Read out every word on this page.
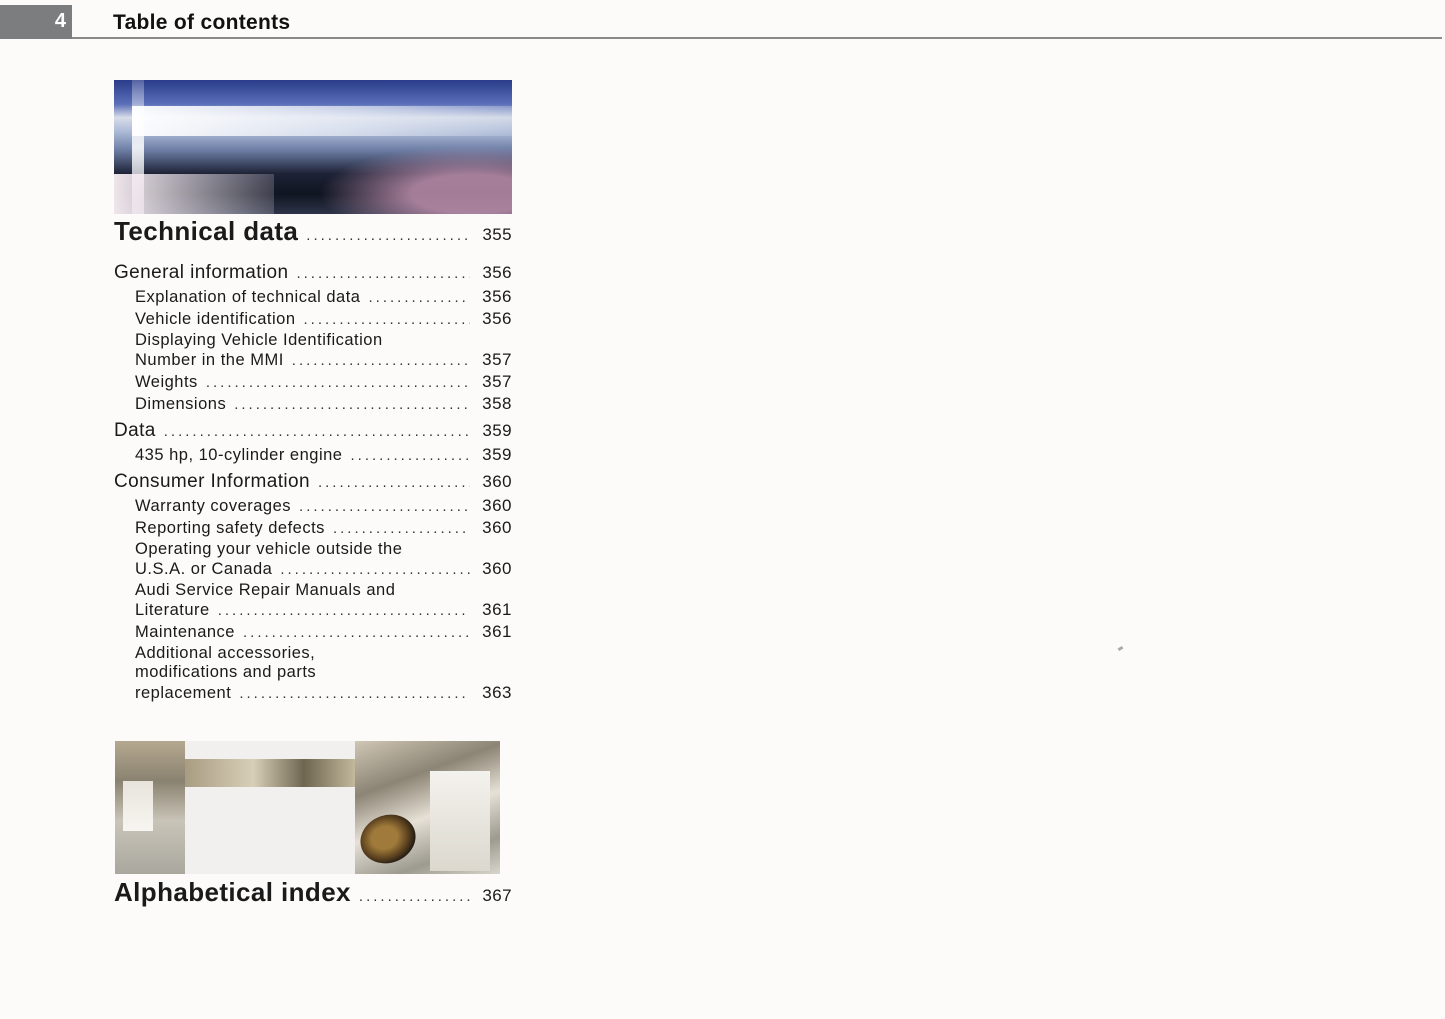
4 Table of contents
Technical data .....	355
General information .....	356
Explanation of technical data .....	356
Vehicle identification .....	356
Displaying Vehicle Identification
Number in the MMI .....	357
Weights .....	357
Dimensions .....	358
Data .....	359
435 hp, 10-cylinder engine .....	359
Consumer Information .....	360
Warranty coverages .....	360
Reporting safety defects .....	360
Operating your vehicle outside the
U.S.A. or Canada .....	360
Audi Service Repair Manuals and
Literature .....	361
Maintenance .....	361
Additional accessories,
modifications and parts
replacement .....	363
Alphabetical index .....	367
